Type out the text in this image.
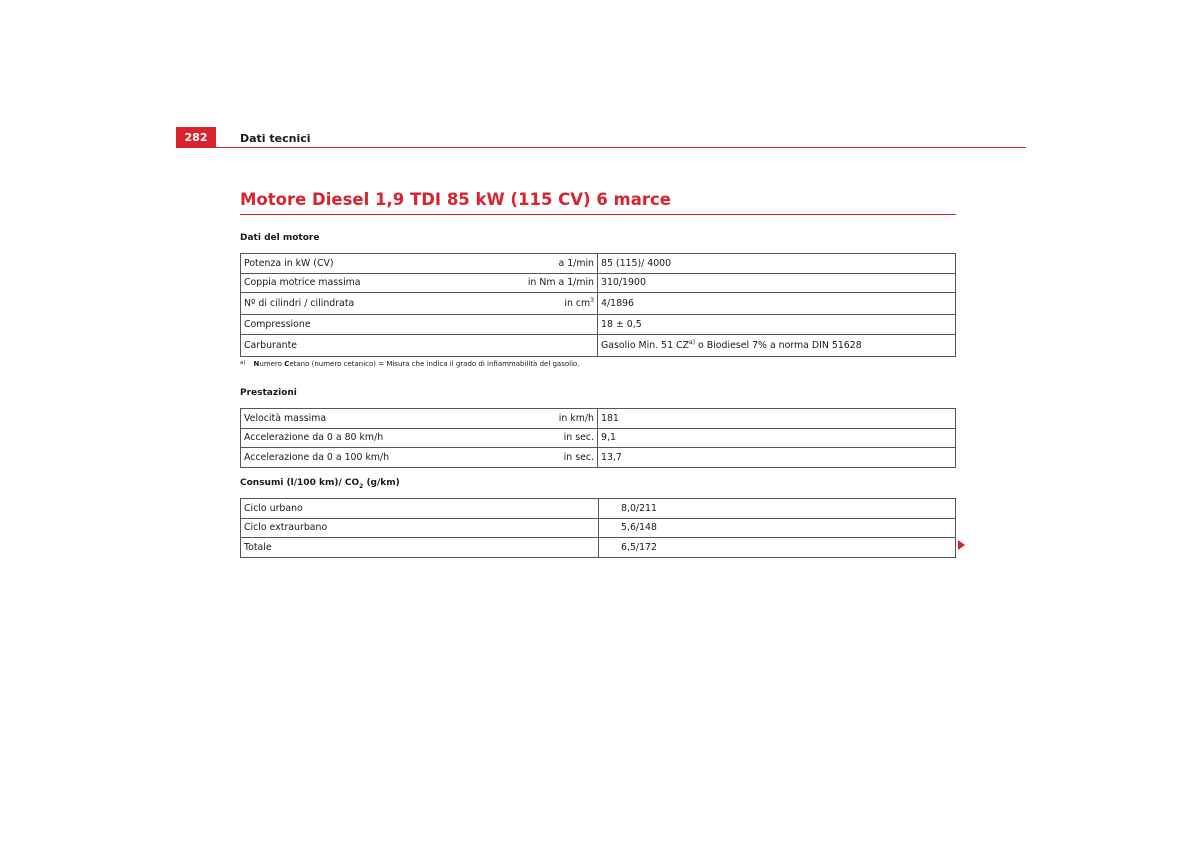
282	Dati tecnici
Motore Diesel 1,9 TDI 85 kW (115 CV) 6 marce
Dati del motore
Potenza in kW (CV)	a 1/min	85 (115)/ 4000
Coppia motrice massima	in Nm a 1/min	310/1900
Nº di cilindri / cilindrata	in $cm^3$	4/1896
Compressione		18 ± 0,5
Carburante		Gasolio Min. 51 CZ$^{a)}$ o Biodiesel 7% a norma DIN 51628
$^{a)}$ Numero Cetano (numero cetanico) = Misura che indica il grado di infiammabilità del gasolio.
Prestazioni
Velocità massima	in km/h	181
Accelerazione da 0 a 80 km/h	in sec.	9,1
Accelerazione da 0 a 100 km/h	in sec.	13,7
Consumi (l/100 km)/ $CO_2$ (g/km)
Ciclo urbano	8,0/211
Ciclo extraurbano	5,6/148
Totale	6,5/172
